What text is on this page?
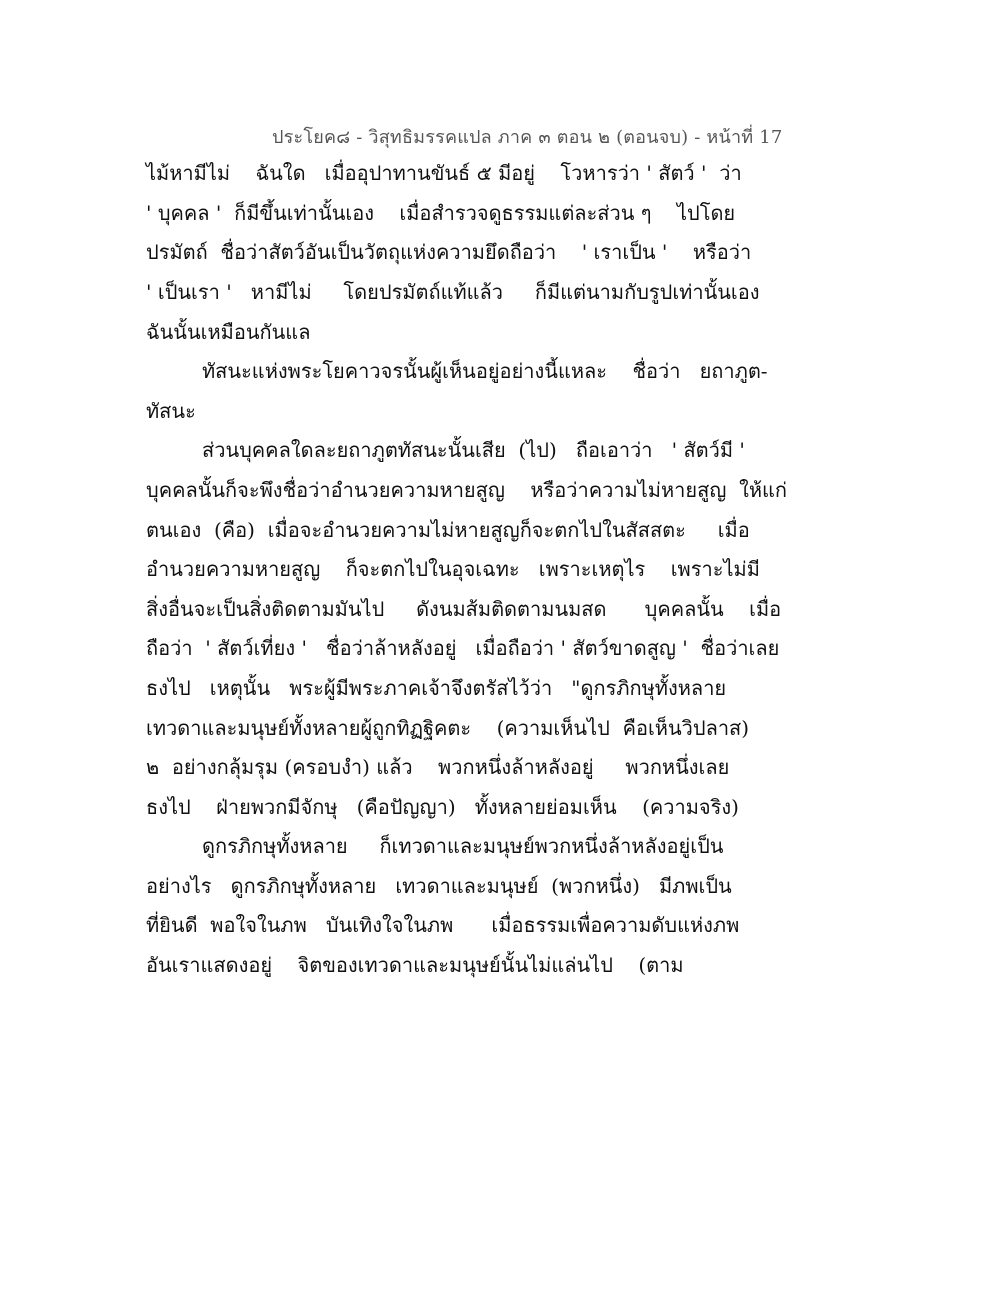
ประโยค๘ - วิสุทธิมรรคแปล ภาค ๓ ตอน ๒ (ตอนจบ) - หน้าที่ 17
ไม้หามีไม่    ฉันใด   เมื่ออุปาทานขันธ์ ๕ มีอยู่    โวหารว่า ' สัตว์ '  ว่า
' บุคคล '  ก็มีขึ้นเท่านั้นเอง    เมื่อสำรวจดูธรรมแต่ละส่วน ๆ    ไปโดย
ปรมัตถ์  ชื่อว่าสัตว์อันเป็นวัตถุแห่งความยึดถือว่า    ' เราเป็น '    หรือว่า
' เป็นเรา '   หามีไม่     โดยปรมัตถ์แท้แล้ว     ก็มีแต่นามกับรูปเท่านั้นเอง
ฉันนั้นเหมือนกันแล
ทัสนะแห่งพระโยคาวจรนั้นผู้เห็นอยู่อย่างนี้แหละ    ชื่อว่า   ยถาภูต-
ทัสนะ
ส่วนบุคคลใดละยถาภูตทัสนะนั้นเสีย  (ไป)   ถือเอาว่า   ' สัตว์มี '
บุคคลนั้นก็จะพึงชื่อว่าอำนวยความหายสูญ    หรือว่าความไม่หายสูญ  ให้แก่
ตนเอง  (คือ)  เมื่อจะอำนวยความไม่หายสูญก็จะตกไปในสัสสตะ     เมื่อ
อำนวยความหายสูญ    ก็จะตกไปในอุจเฉทะ   เพราะเหตุไร    เพราะไม่มี
สิ่งอื่นจะเป็นสิ่งติดตามมันไป     ดังนมส้มติดตามนมสด      บุคคลนั้น    เมื่อ
ถือว่า  ' สัตว์เที่ยง '   ชื่อว่าล้าหลังอยู่   เมื่อถือว่า ' สัตว์ขาดสูญ '  ชื่อว่าเลย
ธงไป   เหตุนั้น   พระผู้มีพระภาคเจ้าจึงตรัสไว้ว่า   "ดูกรภิกษุทั้งหลาย
เทวดาและมนุษย์ทั้งหลายผู้ถูกทิฏฐิคตะ    (ความเห็นไป  คือเห็นวิปลาส)
๒  อย่างกลุ้มรุม (ครอบงำ) แล้ว    พวกหนึ่งล้าหลังอยู่     พวกหนึ่งเลย
ธงไป    ฝ่ายพวกมีจักษุ   (คือปัญญา)   ทั้งหลายย่อมเห็น    (ความจริง)
ดูกรภิกษุทั้งหลาย     ก็เทวดาและมนุษย์พวกหนึ่งล้าหลังอยู่เป็น
อย่างไร   ดูกรภิกษุทั้งหลาย   เทวดาและมนุษย์  (พวกหนึ่ง)   มีภพเป็น
ที่ยินดี  พอใจในภพ   บันเทิงใจในภพ      เมื่อธรรมเพื่อความดับแห่งภพ
อันเราแสดงอยู่    จิตของเทวดาและมนุษย์นั้นไม่แล่นไป    (ตาม
